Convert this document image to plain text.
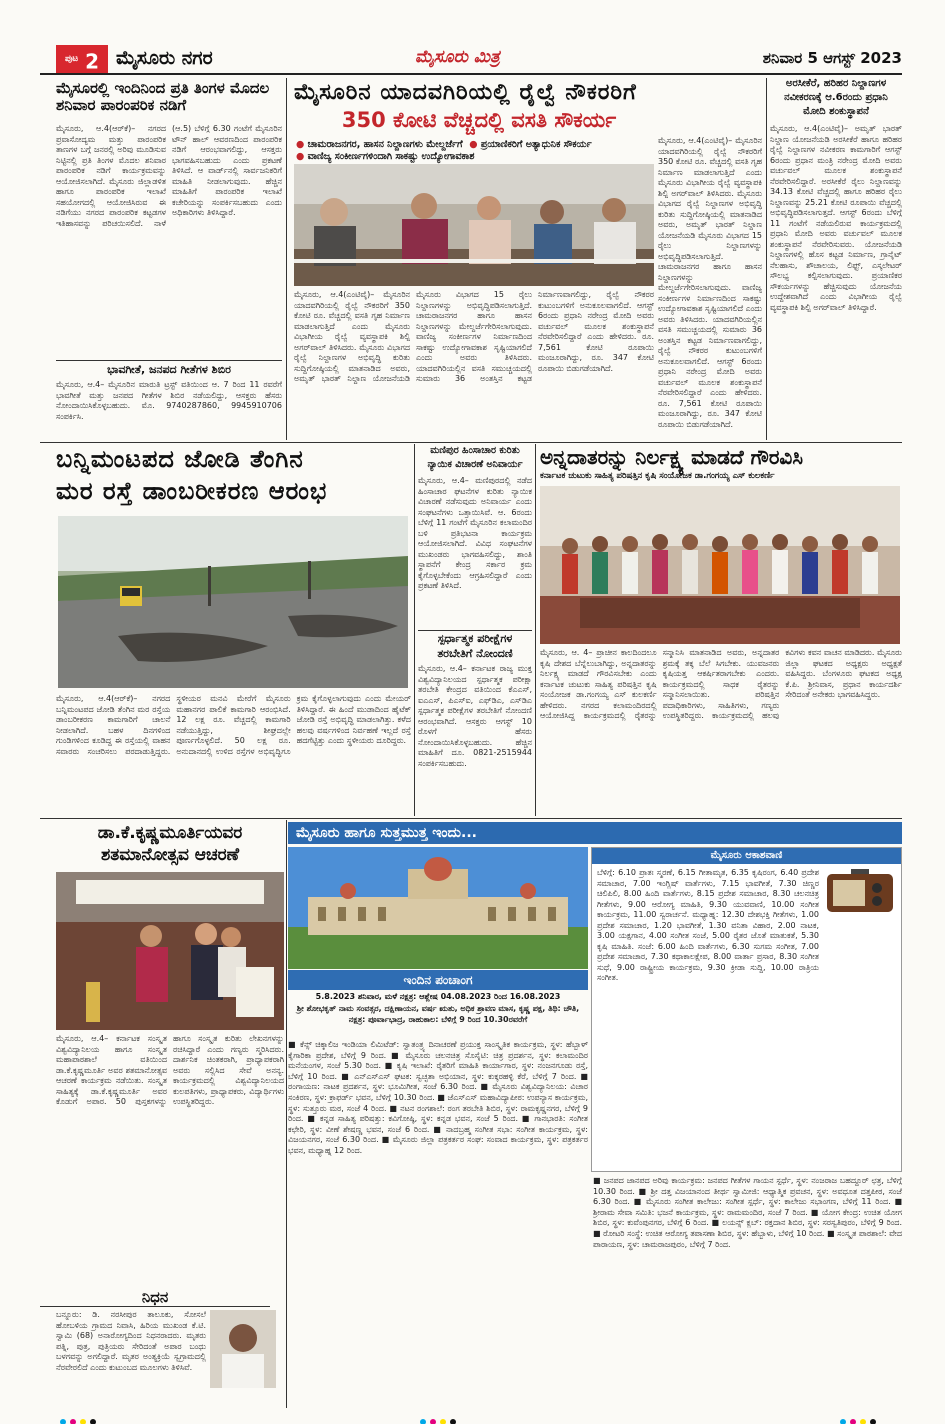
$^{ಪುಟ}$ 2 ಮೈಸೂರು ನಗರ	ಮೈಸೂರು ಮಿತ್ರ	ಶನಿವಾರ 5 ಆಗಸ್ಟ್ 2023
ಮೈಸೂರಲ್ಲಿ ಇಂದಿನಿಂದ ಪ್ರತಿ ತಿಂಗಳ ಮೊದಲ ಶನಿವಾರ ಪಾರಂಪರಿಕ ನಡಿಗೆ
ಮೈಸೂರು, ಆ.4(ಆರ್‌ಕೆ)– ನಗರದ ಪ್ರವಾಸೋದ್ಯಮ ಮತ್ತು ಪಾರಂಪರಿಕ ತಾಣಗಳ ಬಗ್ಗೆ ಜನರಲ್ಲಿ ಅರಿವು ಮೂಡಿಸುವ ನಿಟ್ಟಿನಲ್ಲಿ ಪ್ರತಿ ತಿಂಗಳ ಮೊದಲ ಶನಿವಾರ ಪಾರಂಪರಿಕ ನಡಿಗೆ ಕಾರ್ಯಕ್ರಮವನ್ನು ಆಯೋಜಿಸಲಾಗಿದೆ. ಮೈಸೂರು ಜಿಲ್ಲಾಡಳಿತ ಹಾಗೂ ಪಾರಂಪರಿಕ ಇಲಾಖೆ ಸಹಯೋಗದಲ್ಲಿ ಆಯೋಜಿಸಿರುವ ಈ ನಡಿಗೆಯು ನಗರದ ಪಾರಂಪರಿಕ ಕಟ್ಟಡಗಳ ಇತಿಹಾಸವನ್ನು ಪರಿಚಯಿಸಲಿದೆ. ನಾಳೆ (ಆ.5) ಬೆಳಿಗ್ಗೆ 6.30 ಗಂಟೆಗೆ ಮೈಸೂರಿನ ಟೌನ್ ಹಾಲ್ ಆವರಣದಿಂದ ಪಾರಂಪರಿಕ ನಡಿಗೆ ಆರಂಭವಾಗಲಿದ್ದು, ಆಸಕ್ತರು ಭಾಗವಹಿಸಬಹುದು ಎಂದು ಪ್ರಕಟಣೆ ತಿಳಿಸಿದೆ. ಆ ವಾರ್ಡ್‌ನಲ್ಲಿ ಸಾರ್ವಜನಿಕರಿಗೆ ಮಾಹಿತಿ ನೀಡಲಾಗುವುದು. ಹೆಚ್ಚಿನ ಮಾಹಿತಿಗೆ ಪಾರಂಪರಿಕ ಇಲಾಖೆ ಕಚೇರಿಯನ್ನು ಸಂಪರ್ಕಿಸಬಹುದು ಎಂದು ಅಧಿಕಾರಿಗಳು ತಿಳಿಸಿದ್ದಾರೆ.
ಭಾವಗೀತೆ, ಜನಪದ ಗೀತೆಗಳ ಶಿಬಿರ
ಮೈಸೂರು, ಆ.4– ಮೈಸೂರಿನ ಮಾರುತಿ ಟ್ರಸ್ಟ್ ವತಿಯಿಂದ ಆ. 7 ರಿಂದ 11 ರವರೆಗೆ ಭಾವಗೀತೆ ಮತ್ತು ಜನಪದ ಗೀತೆಗಳ ಶಿಬಿರ ನಡೆಯಲಿದ್ದು, ಆಸಕ್ತರು ಹೆಸರು ನೋಂದಾಯಿಸಿಕೊಳ್ಳಬಹುದು. ಮೊ. 9740287860, 9945910706 ಸಂಪರ್ಕಿಸಿ.
ಮೈಸೂರಿನ ಯಾದವಗಿರಿಯಲ್ಲಿ ರೈಲ್ವೆ ನೌಕರರಿಗೆ
350 ಕೋಟಿ ವೆಚ್ಚದಲ್ಲಿ ವಸತಿ ಸೌಕರ್ಯ
● ಚಾಮರಾಜನಗರ, ಹಾಸನ ನಿಲ್ದಾಣಗಳು ಮೇಲ್ದರ್ಜೆಗೆ ● ಪ್ರಯಾಣಿಕರಿಗೆ ಅತ್ಯಾಧುನಿಕ ಸೌಕರ್ಯ
● ವಾಣಿಜ್ಯ ಸಂಕೀರ್ಣಗಳಿಂದಾಗಿ ಸಾಕಷ್ಟು ಉದ್ಯೋಗಾವಕಾಶ
ಮೈಸೂರು, ಆ.4(ಎಂಟಿವೈ)– ಮೈಸೂರಿನ ಯಾದವಗಿರಿಯಲ್ಲಿ ರೈಲ್ವೆ ನೌಕರರಿಗೆ 350 ಕೋಟಿ ರೂ. ವೆಚ್ಚದಲ್ಲಿ ವಸತಿ ಗೃಹ ನಿರ್ಮಾಣ ಮಾಡಲಾಗುತ್ತಿದೆ ಎಂದು ಮೈಸೂರು ವಿಭಾಗೀಯ ರೈಲ್ವೆ ವ್ಯವಸ್ಥಾಪಕಿ ಶಿಲ್ಪಿ ಅಗರ್‌ವಾಲ್ ತಿಳಿಸಿದರು. ಮೈಸೂರು ವಿಭಾಗದ ರೈಲ್ವೆ ನಿಲ್ದಾಣಗಳ ಅಭಿವೃದ್ಧಿ ಕುರಿತು ಸುದ್ದಿಗೋಷ್ಠಿಯಲ್ಲಿ ಮಾತನಾಡಿದ ಅವರು, ಅಮೃತ್ ಭಾರತ್ ನಿಲ್ದಾಣ ಯೋಜನೆಯಡಿ ಮೈಸೂರು ವಿಭಾಗದ 15 ರೈಲು ನಿಲ್ದಾಣಗಳನ್ನು ಅಭಿವೃದ್ಧಿಪಡಿಸಲಾಗುತ್ತಿದೆ. ಚಾಮರಾಜನಗರ ಹಾಗೂ ಹಾಸನ ನಿಲ್ದಾಣಗಳನ್ನು ಮೇಲ್ದರ್ಜೆಗೇರಿಸಲಾಗುವುದು. ವಾಣಿಜ್ಯ ಸಂಕೀರ್ಣಗಳ ನಿರ್ಮಾಣದಿಂದ ಸಾಕಷ್ಟು ಉದ್ಯೋಗಾವಕಾಶ ಸೃಷ್ಟಿಯಾಗಲಿದೆ ಎಂದು ಅವರು ತಿಳಿಸಿದರು. ಯಾದವಗಿರಿಯಲ್ಲಿನ ವಸತಿ ಸಮುಚ್ಚಯದಲ್ಲಿ ಸುಮಾರು 36 ಅಂತಸ್ತಿನ ಕಟ್ಟಡ ನಿರ್ಮಾಣವಾಗಲಿದ್ದು, ರೈಲ್ವೆ ನೌಕರರ ಕುಟುಂಬಗಳಿಗೆ ಅನುಕೂಲವಾಗಲಿದೆ. ಆಗಸ್ಟ್ 6ರಂದು ಪ್ರಧಾನಿ ನರೇಂದ್ರ ಮೋದಿ ಅವರು ವರ್ಚುವಲ್ ಮೂಲಕ ಶಂಕುಸ್ಥಾಪನೆ ನೆರವೇರಿಸಲಿದ್ದಾರೆ ಎಂದು ಹೇಳಿದರು. ರೂ. 7,561 ಕೋಟಿ ರೂಪಾಯಿ ಮಂಜೂರಾಗಿದ್ದು, ರೂ. 347 ಕೋಟಿ ರೂಪಾಯಿ ಬಿಡುಗಡೆಯಾಗಿದೆ.
ಮೈಸೂರು, ಆ.4(ಎಂಟಿವೈ)– ಮೈಸೂರಿನ ಯಾದವಗಿರಿಯಲ್ಲಿ ರೈಲ್ವೆ ನೌಕರರಿಗೆ 350 ಕೋಟಿ ರೂ. ವೆಚ್ಚದಲ್ಲಿ ವಸತಿ ಗೃಹ ನಿರ್ಮಾಣ ಮಾಡಲಾಗುತ್ತಿದೆ ಎಂದು ಮೈಸೂರು ವಿಭಾಗೀಯ ರೈಲ್ವೆ ವ್ಯವಸ್ಥಾಪಕಿ ಶಿಲ್ಪಿ ಅಗರ್‌ವಾಲ್ ತಿಳಿಸಿದರು. ಮೈಸೂರು ವಿಭಾಗದ ರೈಲ್ವೆ ನಿಲ್ದಾಣಗಳ ಅಭಿವೃದ್ಧಿ ಕುರಿತು ಸುದ್ದಿಗೋಷ್ಠಿಯಲ್ಲಿ ಮಾತನಾಡಿದ ಅವರು, ಅಮೃತ್ ಭಾರತ್ ನಿಲ್ದಾಣ ಯೋಜನೆಯಡಿ ಮೈಸೂರು ವಿಭಾಗದ 15 ರೈಲು ನಿಲ್ದಾಣಗಳನ್ನು ಅಭಿವೃದ್ಧಿಪಡಿಸಲಾಗುತ್ತಿದೆ. ಚಾಮರಾಜನಗರ ಹಾಗೂ ಹಾಸನ ನಿಲ್ದಾಣಗಳನ್ನು ಮೇಲ್ದರ್ಜೆಗೇರಿಸಲಾಗುವುದು. ವಾಣಿಜ್ಯ ಸಂಕೀರ್ಣಗಳ ನಿರ್ಮಾಣದಿಂದ ಸಾಕಷ್ಟು ಉದ್ಯೋಗಾವಕಾಶ ಸೃಷ್ಟಿಯಾಗಲಿದೆ ಎಂದು ಅವರು ತಿಳಿಸಿದರು. ಯಾದವಗಿರಿಯಲ್ಲಿನ ವಸತಿ ಸಮುಚ್ಚಯದಲ್ಲಿ ಸುಮಾರು 36 ಅಂತಸ್ತಿನ ಕಟ್ಟಡ ನಿರ್ಮಾಣವಾಗಲಿದ್ದು, ರೈಲ್ವೆ ನೌಕರರ ಕುಟುಂಬಗಳಿಗೆ ಅನುಕೂಲವಾಗಲಿದೆ. ಆಗಸ್ಟ್ 6ರಂದು ಪ್ರಧಾನಿ ನರೇಂದ್ರ ಮೋದಿ ಅವರು ವರ್ಚುವಲ್ ಮೂಲಕ ಶಂಕುಸ್ಥಾಪನೆ ನೆರವೇರಿಸಲಿದ್ದಾರೆ ಎಂದು ಹೇಳಿದರು. ರೂ. 7,561 ಕೋಟಿ ರೂಪಾಯಿ ಮಂಜೂರಾಗಿದ್ದು, ರೂ. 347 ಕೋಟಿ ರೂಪಾಯಿ ಬಿಡುಗಡೆಯಾಗಿದೆ.
ಅರಸೀಕೆರೆ, ಹರಿಹರ ನಿಲ್ದಾಣಗಳ
ನವೀಕರಣಕ್ಕೆ ಆ.6ರಂದು ಪ್ರಧಾನಿ
ಮೋದಿ ಶಂಕುಸ್ಥಾಪನೆ
ಮೈಸೂರು, ಆ.4(ಎಂಟಿವೈ)– ಅಮೃತ್ ಭಾರತ್ ನಿಲ್ದಾಣ ಯೋಜನೆಯಡಿ ಅರಸೀಕೆರೆ ಹಾಗೂ ಹರಿಹರ ರೈಲ್ವೆ ನಿಲ್ದಾಣಗಳ ನವೀಕರಣ ಕಾಮಗಾರಿಗೆ ಆಗಸ್ಟ್ 6ರಂದು ಪ್ರಧಾನ ಮಂತ್ರಿ ನರೇಂದ್ರ ಮೋದಿ ಅವರು ವರ್ಚುವಲ್ ಮೂಲಕ ಶಂಕುಸ್ಥಾಪನೆ ನೆರವೇರಿಸಲಿದ್ದಾರೆ. ಅರಸೀಕೆರೆ ರೈಲು ನಿಲ್ದಾಣವನ್ನು 34.13 ಕೋಟಿ ವೆಚ್ಚದಲ್ಲಿ ಹಾಗೂ ಹರಿಹರ ರೈಲು ನಿಲ್ದಾಣವನ್ನು 25.21 ಕೋಟಿ ರೂಪಾಯಿ ವೆಚ್ಚದಲ್ಲಿ ಅಭಿವೃದ್ಧಿಪಡಿಸಲಾಗುತ್ತದೆ. ಆಗಸ್ಟ್ 6ರಂದು ಬೆಳಿಗ್ಗೆ 11 ಗಂಟೆಗೆ ನಡೆಯಲಿರುವ ಕಾರ್ಯಕ್ರಮದಲ್ಲಿ ಪ್ರಧಾನಿ ಮೋದಿ ಅವರು ವರ್ಚುವಲ್ ಮೂಲಕ ಶಂಕುಸ್ಥಾಪನೆ ನೆರವೇರಿಸುವರು. ಯೋಜನೆಯಡಿ ನಿಲ್ದಾಣಗಳಲ್ಲಿ ಹೊಸ ಕಟ್ಟಡ ನಿರ್ಮಾಣ, ಗ್ರಾನೈಟ್ ನೆಲಹಾಸು, ಶೌಚಾಲಯ, ಲಿಫ್ಟ್, ಎಸ್ಕಲೇಟರ್ ಸೌಲಭ್ಯ ಕಲ್ಪಿಸಲಾಗುವುದು. ಪ್ರಯಾಣಿಕರ ಸೌಕರ್ಯಗಳನ್ನು ಹೆಚ್ಚಿಸುವುದು ಯೋಜನೆಯ ಉದ್ದೇಶವಾಗಿದೆ ಎಂದು ವಿಭಾಗೀಯ ರೈಲ್ವೆ ವ್ಯವಸ್ಥಾಪಕಿ ಶಿಲ್ಪಿ ಅಗರ್‌ವಾಲ್ ತಿಳಿಸಿದ್ದಾರೆ.
ಬನ್ನಿಮಂಟಪದ ಜೋಡಿ ತೆಂಗಿನ
ಮರ ರಸ್ತೆ ಡಾಂಬರೀಕರಣ ಆರಂಭ
ಮೈಸೂರು, ಆ.4(ಆರ್‌ಕೆ)– ನಗರದ ಬನ್ನಿಮಂಟಪದ ಜೋಡಿ ತೆಂಗಿನ ಮರ ರಸ್ತೆಯ ಡಾಂಬರೀಕರಣ ಕಾಮಗಾರಿಗೆ ಚಾಲನೆ ನೀಡಲಾಗಿದೆ. ಬಹಳ ದಿನಗಳಿಂದ ಗುಂಡಿಗಳಿಂದ ಕೂಡಿದ್ದ ಈ ರಸ್ತೆಯಲ್ಲಿ ವಾಹನ ಸವಾರರು ಸಂಚರಿಸಲು ಪರದಾಡುತ್ತಿದ್ದರು. ಸ್ಥಳೀಯರ ಮನವಿ ಮೇರೆಗೆ ಮೈಸೂರು ಮಹಾನಗರ ಪಾಲಿಕೆ ಕಾಮಗಾರಿ ಆರಂಭಿಸಿದೆ. 12 ಲಕ್ಷ ರೂ. ವೆಚ್ಚದಲ್ಲಿ ಕಾಮಗಾರಿ ನಡೆಯುತ್ತಿದ್ದು, ಶೀಘ್ರದಲ್ಲೇ ಪೂರ್ಣಗೊಳ್ಳಲಿದೆ. 50 ಲಕ್ಷ ರೂ. ಅನುದಾನದಲ್ಲಿ ಉಳಿದ ರಸ್ತೆಗಳ ಅಭಿವೃದ್ಧಿಗೂ ಕ್ರಮ ಕೈಗೊಳ್ಳಲಾಗುವುದು ಎಂದು ಮೇಯರ್ ತಿಳಿಸಿದ್ದಾರೆ. ಈ ಹಿಂದೆ ಮುಡಾದಿಂದ ಹೈಟೆಕ್ ಜೋಡಿ ರಸ್ತೆ ಅಭಿವೃದ್ಧಿ ಮಾಡಲಾಗಿತ್ತು. ಕಳೆದ ಹಲವು ವರ್ಷಗಳಿಂದ ನಿರ್ವಹಣೆ ಇಲ್ಲದೆ ರಸ್ತೆ ಹದಗೆಟ್ಟಿತ್ತು ಎಂದು ಸ್ಥಳೀಯರು ದೂರಿದ್ದರು.
ಮಣಿಪುರ ಹಿಂಸಾಚಾರ ಕುರಿತು
ನ್ಯಾಯಿಕ ವಿಚಾರಣೆ ಅನಿವಾರ್ಯ
ಮೈಸೂರು, ಆ.4– ಮಣಿಪುರದಲ್ಲಿ ನಡೆದ ಹಿಂಸಾಚಾರ ಘಟನೆಗಳ ಕುರಿತು ನ್ಯಾಯಿಕ ವಿಚಾರಣೆ ನಡೆಸುವುದು ಅನಿವಾರ್ಯ ಎಂದು ಸಂಘಟನೆಗಳು ಒತ್ತಾಯಿಸಿವೆ. ಆ. 6ರಂದು ಬೆಳಿಗ್ಗೆ 11 ಗಂಟೆಗೆ ಮೈಸೂರಿನ ಕಲಾಮಂದಿರ ಬಳಿ ಪ್ರತಿಭಟನಾ ಕಾರ್ಯಕ್ರಮ ಆಯೋಜಿಸಲಾಗಿದೆ. ವಿವಿಧ ಸಂಘಟನೆಗಳ ಮುಖಂಡರು ಭಾಗವಹಿಸಲಿದ್ದು, ಶಾಂತಿ ಸ್ಥಾಪನೆಗೆ ಕೇಂದ್ರ ಸರ್ಕಾರ ಕ್ರಮ ಕೈಗೊಳ್ಳಬೇಕೆಂದು ಆಗ್ರಹಿಸಲಿದ್ದಾರೆ ಎಂದು ಪ್ರಕಟಣೆ ತಿಳಿಸಿದೆ.
ಸ್ಪರ್ಧಾತ್ಮಕ ಪರೀಕ್ಷೆಗಳ
ತರಬೇತಿಗೆ ನೋಂದಣಿ
ಮೈಸೂರು, ಆ.4– ಕರ್ನಾಟಕ ರಾಜ್ಯ ಮುಕ್ತ ವಿಶ್ವವಿದ್ಯಾನಿಲಯದ ಸ್ಪರ್ಧಾತ್ಮಕ ಪರೀಕ್ಷಾ ತರಬೇತಿ ಕೇಂದ್ರದ ವತಿಯಿಂದ ಕೆಎಎಸ್, ಐಎಎಸ್, ಪಿಎಸ್‌ಐ, ಎಫ್‌ಡಿಎ, ಎಸ್‌ಡಿಎ ಸ್ಪರ್ಧಾತ್ಮಕ ಪರೀಕ್ಷೆಗಳ ತರಬೇತಿಗೆ ನೋಂದಣಿ ಆರಂಭವಾಗಿದೆ. ಆಸಕ್ತರು ಆಗಸ್ಟ್ 10 ರೊಳಗೆ ಹೆಸರು ನೋಂದಾಯಿಸಿಕೊಳ್ಳಬಹುದು. ಹೆಚ್ಚಿನ ಮಾಹಿತಿಗೆ ದೂ. 0821-2515944 ಸಂಪರ್ಕಿಸಬಹುದು.
ಅನ್ನದಾತರನ್ನು ನಿರ್ಲಕ್ಷ್ಯ ಮಾಡದೆ ಗೌರವಿಸಿ
ಕರ್ನಾಟಕ ಚುಟುಕು ಸಾಹಿತ್ಯ ಪರಿಷತ್ತಿನ ಕೃಷಿ ಸಂಯೋಜಕ ಡಾ.ಗಂಗಯ್ಯ ಎಸ್ ಕುಲಕರ್ಣಿ
ಮೈಸೂರು, ಆ. 4– ಪ್ರಾಚೀನ ಕಾಲದಿಂದಲೂ ಕೃಷಿ ದೇಶದ ಬೆನ್ನೆಲುಬಾಗಿದ್ದು, ಅನ್ನದಾತರನ್ನು ನಿರ್ಲಕ್ಷ್ಯ ಮಾಡದೆ ಗೌರವಿಸಬೇಕು ಎಂದು ಕರ್ನಾಟಕ ಚುಟುಕು ಸಾಹಿತ್ಯ ಪರಿಷತ್ತಿನ ಕೃಷಿ ಸಂಯೋಜಕ ಡಾ.ಗಂಗಯ್ಯ ಎಸ್ ಕುಲಕರ್ಣಿ ಹೇಳಿದರು. ನಗರದ ಕಲಾಮಂದಿರದಲ್ಲಿ ಆಯೋಜಿಸಿದ್ದ ಕಾರ್ಯಕ್ರಮದಲ್ಲಿ ರೈತರನ್ನು ಸನ್ಮಾನಿಸಿ ಮಾತನಾಡಿದ ಅವರು, ಅನ್ನದಾತರ ಶ್ರಮಕ್ಕೆ ತಕ್ಕ ಬೆಲೆ ಸಿಗಬೇಕು. ಯುವಜನರು ಕೃಷಿಯತ್ತ ಆಕರ್ಷಿತರಾಗಬೇಕು ಎಂದರು. ಕಾರ್ಯಕ್ರಮದಲ್ಲಿ ಸಾಧಕ ರೈತರನ್ನು ಸನ್ಮಾನಿಸಲಾಯಿತು. ಪರಿಷತ್ತಿನ ಪದಾಧಿಕಾರಿಗಳು, ಸಾಹಿತಿಗಳು, ಗಣ್ಯರು ಉಪಸ್ಥಿತರಿದ್ದರು. ಕಾರ್ಯಕ್ರಮದಲ್ಲಿ ಹಲವು ಕವಿಗಳು ಕವನ ವಾಚನ ಮಾಡಿದರು. ಮೈಸೂರು ಜಿಲ್ಲಾ ಘಟಕದ ಅಧ್ಯಕ್ಷರು ಅಧ್ಯಕ್ಷತೆ ವಹಿಸಿದ್ದರು. ಬೆಂಗಳೂರು ಘಟಕದ ಅಧ್ಯಕ್ಷ ಕೆ.ಪಿ. ಶ್ರೀನಿವಾಸ, ಪ್ರಧಾನ ಕಾರ್ಯದರ್ಶಿ ಸೇರಿದಂತೆ ಅನೇಕರು ಭಾಗವಹಿಸಿದ್ದರು.
ಡಾ.ಕೆ.ಕೃಷ್ಣಮೂರ್ತಿಯವರ
ಶತಮಾನೋತ್ಸವ ಆಚರಣೆ
ಮೈಸೂರು, ಆ.4– ಕರ್ನಾಟಕ ಸಂಸ್ಕೃತ ವಿಶ್ವವಿದ್ಯಾನಿಲಯ ಹಾಗೂ ಸಂಸ್ಕೃತ ಮಹಾಪಾಠಶಾಲೆ ವತಿಯಿಂದ ಡಾ.ಕೆ.ಕೃಷ್ಣಮೂರ್ತಿ ಅವರ ಶತಮಾನೋತ್ಸವ ಆಚರಣೆ ಕಾರ್ಯಕ್ರಮ ನಡೆಯಿತು. ಸಂಸ್ಕೃತ ಸಾಹಿತ್ಯಕ್ಕೆ ಡಾ.ಕೆ.ಕೃಷ್ಣಮೂರ್ತಿ ಅವರ ಕೊಡುಗೆ ಅಪಾರ. 50 ಪುಸ್ತಕಗಳನ್ನು ಹಾಗೂ ಸಂಸ್ಕೃತ ಕುರಿತು ಲೇಖನಗಳನ್ನು ರಚಿಸಿದ್ದಾರೆ ಎಂದು ಗಣ್ಯರು ಸ್ಮರಿಸಿದರು. ದಾರ್ಶನಿಕ ಚಿಂತಕರಾಗಿ, ಪ್ರಾಧ್ಯಾಪಕರಾಗಿ ಅವರು ಸಲ್ಲಿಸಿದ ಸೇವೆ ಅನನ್ಯ. ಕಾರ್ಯಕ್ರಮದಲ್ಲಿ ವಿಶ್ವವಿದ್ಯಾನಿಲಯದ ಕುಲಪತಿಗಳು, ಪ್ರಾಧ್ಯಾಪಕರು, ವಿದ್ಯಾರ್ಥಿಗಳು ಉಪಸ್ಥಿತರಿದ್ದರು.
ನಿಧನ
ಬನ್ನೂರು: ಡಿ. ನರಸೀಪುರ ತಾಲೂಕು, ಸೋಸಲೆ ಹೋಬಳಿಯ ಗ್ರಾಮದ ನಿವಾಸಿ, ಹಿರಿಯ ಮುಖಂಡ ಕೆ.ಟಿ. ಸ್ವಾಮಿ (68) ಅನಾರೋಗ್ಯದಿಂದ ನಿಧನರಾದರು. ಮೃತರು ಪತ್ನಿ, ಪುತ್ರ, ಪುತ್ರಿಯರು ಸೇರಿದಂತೆ ಅಪಾರ ಬಂಧು ಬಳಗವನ್ನು ಅಗಲಿದ್ದಾರೆ. ಮೃತರ ಅಂತ್ಯಕ್ರಿಯೆ ಸ್ವಗ್ರಾಮದಲ್ಲಿ ನೆರವೇರಲಿದೆ ಎಂದು ಕುಟುಂಬದ ಮೂಲಗಳು ತಿಳಿಸಿವೆ.
ಮೈಸೂರು ಹಾಗೂ ಸುತ್ತಮುತ್ತ ಇಂದು...
ಇಂದಿನ ಪಂಚಾಂಗ
5.8.2023 ಶನಿವಾರ, ಮಳೆ ನಕ್ಷತ್ರ: ಆಶ್ಲೇಷ 04.08.2023 ರಿಂದ 16.08.2023
ಶ್ರೀ ಶೋಭಕೃತ್ ನಾಮ ಸಂವತ್ಸರ, ದಕ್ಷಿಣಾಯನ, ವರ್ಷ ಋತು, ಅಧಿಕ ಶ್ರಾವಣ ಮಾಸ, ಕೃಷ್ಣ ಪಕ್ಷ, ತಿಥಿ: ಚೌತಿ, ನಕ್ಷತ್ರ: ಪೂರ್ವಾಭಾದ್ರ, ರಾಹುಕಾಲ: ಬೆಳಿಗ್ಗೆ 9 ರಿಂದ 10.30ರವರೆಗೆ
■ ಕೆನ್ಸ್ ಚಿಕ್ಕಾಲಿಜ ಇಂಡಿಯಾ ಲಿಮಿಟೆಡ್: ಸ್ವಾತಂತ್ರ್ಯ ದಿನಾಚರಣೆ ಪ್ರಯುಕ್ತ ಸಾಂಸ್ಕೃತಿಕ ಕಾರ್ಯಕ್ರಮ, ಸ್ಥಳ: ಹೆಬ್ಬಾಳ್ ಕೈಗಾರಿಕಾ ಪ್ರದೇಶ, ಬೆಳಿಗ್ಗೆ 9 ರಿಂದ. ■ ಮೈಸೂರು ಚಲನಚಿತ್ರ ಸೊಸೈಟಿ: ಚಿತ್ರ ಪ್ರದರ್ಶನ, ಸ್ಥಳ: ಕಲಾಮಂದಿರ ಮನೆಯಂಗಳ, ಸಂಜೆ 5.30 ರಿಂದ. ■ ಕೃಷಿ ಇಲಾಖೆ: ರೈತರಿಗೆ ಮಾಹಿತಿ ಕಾರ್ಯಾಗಾರ, ಸ್ಥಳ: ನಂಜನಗೂಡು ರಸ್ತೆ, ಬೆಳಿಗ್ಗೆ 10 ರಿಂದ. ■ ಎನ್‌ಎಸ್‌ಎಸ್ ಘಟಕ: ಸ್ವಚ್ಛತಾ ಅಭಿಯಾನ, ಸ್ಥಳ: ಕುಕ್ಕರಹಳ್ಳಿ ಕೆರೆ, ಬೆಳಿಗ್ಗೆ 7 ರಿಂದ. ■ ರಂಗಾಯಣ: ನಾಟಕ ಪ್ರದರ್ಶನ, ಸ್ಥಳ: ಭೂಮಿಗೀತ, ಸಂಜೆ 6.30 ರಿಂದ. ■ ಮೈಸೂರು ವಿಶ್ವವಿದ್ಯಾನಿಲಯ: ವಿಚಾರ ಸಂಕಿರಣ, ಸ್ಥಳ: ಕ್ರಾಫರ್ಡ್ ಭವನ, ಬೆಳಿಗ್ಗೆ 10.30 ರಿಂದ. ■ ಜೆಎಸ್‌ಎಸ್ ಮಹಾವಿದ್ಯಾಪೀಠ: ಉಪನ್ಯಾಸ ಕಾರ್ಯಕ್ರಮ, ಸ್ಥಳ: ಸುತ್ತೂರು ಮಠ, ಸಂಜೆ 4 ರಿಂದ. ■ ನಟನ ರಂಗಶಾಲೆ: ರಂಗ ತರಬೇತಿ ಶಿಬಿರ, ಸ್ಥಳ: ರಾಮಕೃಷ್ಣನಗರ, ಬೆಳಿಗ್ಗೆ 9 ರಿಂದ. ■ ಕನ್ನಡ ಸಾಹಿತ್ಯ ಪರಿಷತ್ತು: ಕವಿಗೋಷ್ಠಿ, ಸ್ಥಳ: ಕನ್ನಡ ಭವನ, ಸಂಜೆ 5 ರಿಂದ. ■ ಗಾನಭಾರತಿ: ಸಂಗೀತ ಕಛೇರಿ, ಸ್ಥಳ: ವೀಣೆ ಶೇಷಣ್ಣ ಭವನ, ಸಂಜೆ 6 ರಿಂದ. ■ ನಾದಬ್ರಹ್ಮ ಸಂಗೀತ ಸಭಾ: ಸಂಗೀತ ಕಾರ್ಯಕ್ರಮ, ಸ್ಥಳ: ವಿಜಯನಗರ, ಸಂಜೆ 6.30 ರಿಂದ. ■ ಮೈಸೂರು ಜಿಲ್ಲಾ ಪತ್ರಕರ್ತರ ಸಂಘ: ಸಂವಾದ ಕಾರ್ಯಕ್ರಮ, ಸ್ಥಳ: ಪತ್ರಕರ್ತರ ಭವನ, ಮಧ್ಯಾಹ್ನ 12 ರಿಂದ.
ಮೈಸೂರು ಆಕಾಶವಾಣಿ
ಬೆಳಿಗ್ಗೆ: 6.10 ಪ್ರಾತಃ ಸ್ಮರಣೆ, 6.15 ಗೀತಾಮೃತ, 6.35 ಕೃಷಿರಂಗ, 6.40 ಪ್ರದೇಶ ಸಮಾಚಾರ, 7.00 ಇಂಗ್ಲಿಷ್ ವಾರ್ತೆಗಳು, 7.15 ಭಾವಗೀತೆ, 7.30 ಚಿಣ್ಣರ ಚಿಲಿಪಿಲಿ, 8.00 ಹಿಂದಿ ವಾರ್ತೆಗಳು, 8.15 ಪ್ರದೇಶ ಸಮಾಚಾರ, 8.30 ಚಲನಚಿತ್ರ ಗೀತೆಗಳು, 9.00 ಆರೋಗ್ಯ ಮಾಹಿತಿ, 9.30 ಯುವವಾಣಿ, 10.00 ಸಂಗೀತ ಕಾರ್ಯಕ್ರಮ, 11.00 ಸ್ವರಾರ್ಚನೆ. ಮಧ್ಯಾಹ್ನ: 12.30 ದೇಶಭಕ್ತಿ ಗೀತೆಗಳು, 1.00 ಪ್ರದೇಶ ಸಮಾಚಾರ, 1.20 ಭಾವಗೀತೆ, 1.30 ವನಿತಾ ವಿಹಾರ, 2.00 ನಾಟಕ, 3.00 ಯಕ್ಷಗಾನ, 4.00 ಸಂಗೀತ ಸಂಜೆ, 5.00 ರೈತರ ಜೊತೆ ಮಾತುಕತೆ, 5.30 ಕೃಷಿ ಮಾಹಿತಿ. ಸಂಜೆ: 6.00 ಹಿಂದಿ ವಾರ್ತೆಗಳು, 6.30 ಸುಗಮ ಸಂಗೀತ, 7.00 ಪ್ರದೇಶ ಸಮಾಚಾರ, 7.30 ಕಥಾಕಾಲಕ್ಷೇಪ, 8.00 ವಾರ್ತಾ ಪ್ರಸಾರ, 8.30 ಸಂಗೀತ ಸುಧೆ, 9.00 ರಾಷ್ಟ್ರೀಯ ಕಾರ್ಯಕ್ರಮ, 9.30 ಕ್ರೀಡಾ ಸುದ್ದಿ, 10.00 ರಾತ್ರಿಯ ಸಂಗೀತ.
■ ಜನಪದ ಜಾನಪದ ಅರಿವು ಕಾರ್ಯಕ್ರಮ: ಜನಪದ ಗೀತೆಗಳ ಗಾಯನ ಸ್ಪರ್ಧೆ, ಸ್ಥಳ: ನಂಜರಾಜ ಬಹದ್ದೂರ್ ಛತ್ರ, ಬೆಳಿಗ್ಗೆ 10.30 ರಿಂದ. ■ ಶ್ರೀ ದತ್ತ ವಿಜಯಾನಂದ ತೀರ್ಥ ಸ್ವಾಮೀಜಿ: ಆಧ್ಯಾತ್ಮಿಕ ಪ್ರವಚನ, ಸ್ಥಳ: ಅವಧೂತ ದತ್ತಪೀಠ, ಸಂಜೆ 6.30 ರಿಂದ. ■ ಮೈಸೂರು ಸಂಗೀತ ಕಾಲೇಜು: ಸಂಗೀತ ಸ್ಪರ್ಧೆ, ಸ್ಥಳ: ಕಾಲೇಜು ಸಭಾಂಗಣ, ಬೆಳಿಗ್ಗೆ 11 ರಿಂದ. ■ ಶ್ರೀರಾಮ ಸೇವಾ ಸಮಿತಿ: ಭಜನೆ ಕಾರ್ಯಕ್ರಮ, ಸ್ಥಳ: ರಾಮಮಂದಿರ, ಸಂಜೆ 7 ರಿಂದ. ■ ಯೋಗ ಕೇಂದ್ರ: ಉಚಿತ ಯೋಗ ಶಿಬಿರ, ಸ್ಥಳ: ಕುವೆಂಪುನಗರ, ಬೆಳಿಗ್ಗೆ 6 ರಿಂದ. ■ ಲಯನ್ಸ್ ಕ್ಲಬ್: ರಕ್ತದಾನ ಶಿಬಿರ, ಸ್ಥಳ: ಸರಸ್ವತಿಪುರಂ, ಬೆಳಿಗ್ಗೆ 9 ರಿಂದ. ■ ರೋಟರಿ ಸಂಸ್ಥೆ: ಉಚಿತ ಆರೋಗ್ಯ ತಪಾಸಣಾ ಶಿಬಿರ, ಸ್ಥಳ: ಹೆಬ್ಬಾಳು, ಬೆಳಿಗ್ಗೆ 10 ರಿಂದ. ■ ಸಂಸ್ಕೃತ ಪಾಠಶಾಲೆ: ವೇದ ಪಾರಾಯಣ, ಸ್ಥಳ: ಚಾಮರಾಜಪುರಂ, ಬೆಳಿಗ್ಗೆ 7 ರಿಂದ.
